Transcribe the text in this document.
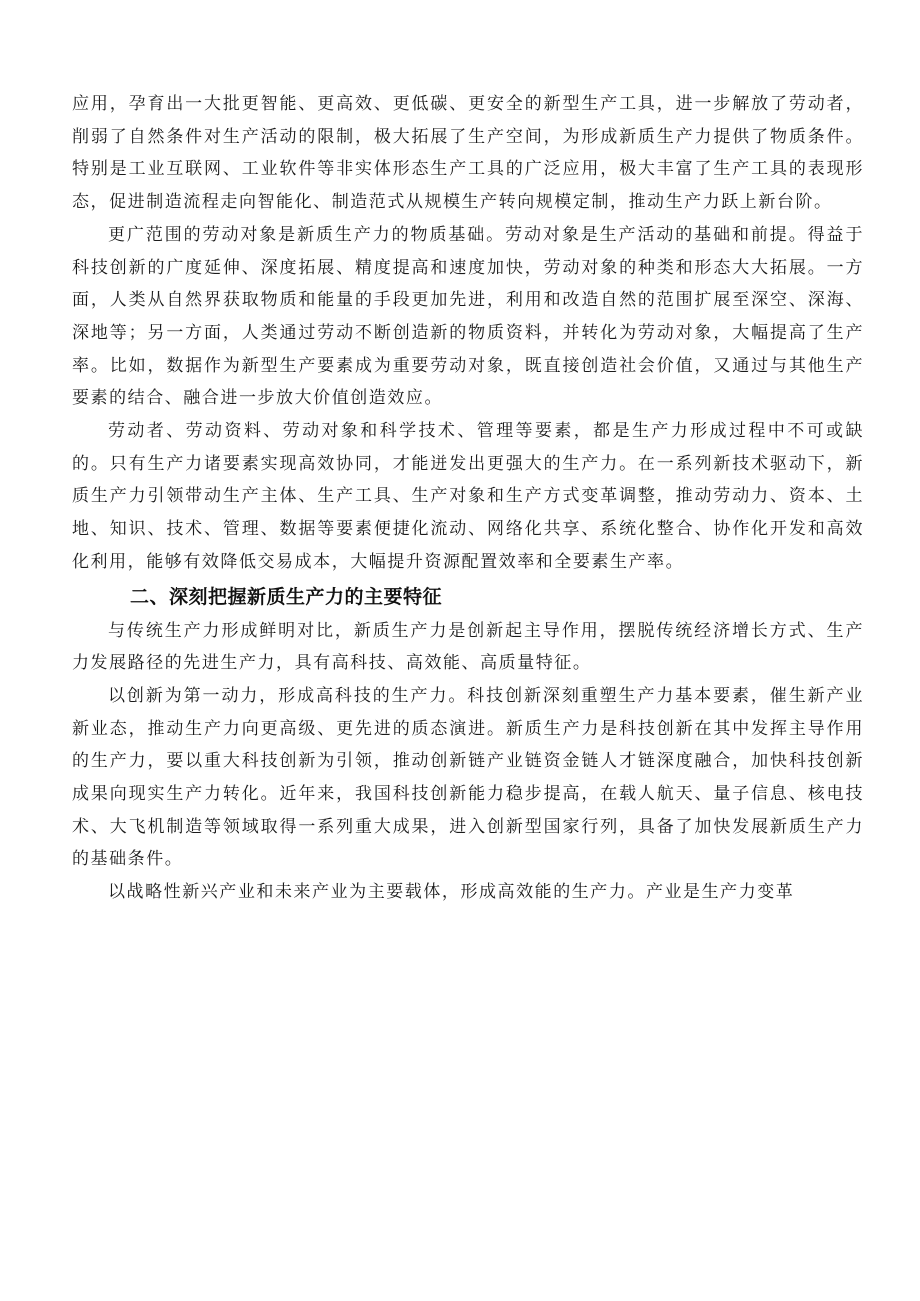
应用，孕育出一大批更智能、更高效、更低碳、更安全的新型生产工具，进一步解放了劳动者，削弱了自然条件对生产活动的限制，极大拓展了生产空间，为形成新质生产力提供了物质条件。特别是工业互联网、工业软件等非实体形态生产工具的广泛应用，极大丰富了生产工具的表现形态，促进制造流程走向智能化、制造范式从规模生产转向规模定制，推动生产力跃上新台阶。

更广范围的劳动对象是新质生产力的物质基础。劳动对象是生产活动的基础和前提。得益于科技创新的广度延伸、深度拓展、精度提高和速度加快，劳动对象的种类和形态大大拓展。一方面，人类从自然界获取物质和能量的手段更加先进，利用和改造自然的范围扩展至深空、深海、深地等；另一方面，人类通过劳动不断创造新的物质资料，并转化为劳动对象，大幅提高了生产率。比如，数据作为新型生产要素成为重要劳动对象，既直接创造社会价值，又通过与其他生产要素的结合、融合进一步放大价值创造效应。

劳动者、劳动资料、劳动对象和科学技术、管理等要素，都是生产力形成过程中不可或缺的。只有生产力诸要素实现高效协同，才能迸发出更强大的生产力。在一系列新技术驱动下，新质生产力引领带动生产主体、生产工具、生产对象和生产方式变革调整，推动劳动力、资本、土地、知识、技术、管理、数据等要素便捷化流动、网络化共享、系统化整合、协作化开发和高效化利用，能够有效降低交易成本，大幅提升资源配置效率和全要素生产率。

二、深刻把握新质生产力的主要特征

与传统生产力形成鲜明对比，新质生产力是创新起主导作用，摆脱传统经济增长方式、生产力发展路径的先进生产力，具有高科技、高效能、高质量特征。

以创新为第一动力，形成高科技的生产力。科技创新深刻重塑生产力基本要素，催生新产业新业态，推动生产力向更高级、更先进的质态演进。新质生产力是科技创新在其中发挥主导作用的生产力，要以重大科技创新为引领，推动创新链产业链资金链人才链深度融合，加快科技创新成果向现实生产力转化。近年来，我国科技创新能力稳步提高，在载人航天、量子信息、核电技术、大飞机制造等领域取得一系列重大成果，进入创新型国家行列，具备了加快发展新质生产力的基础条件。

以战略性新兴产业和未来产业为主要载体，形成高效能的生产力。产业是生产力变革
